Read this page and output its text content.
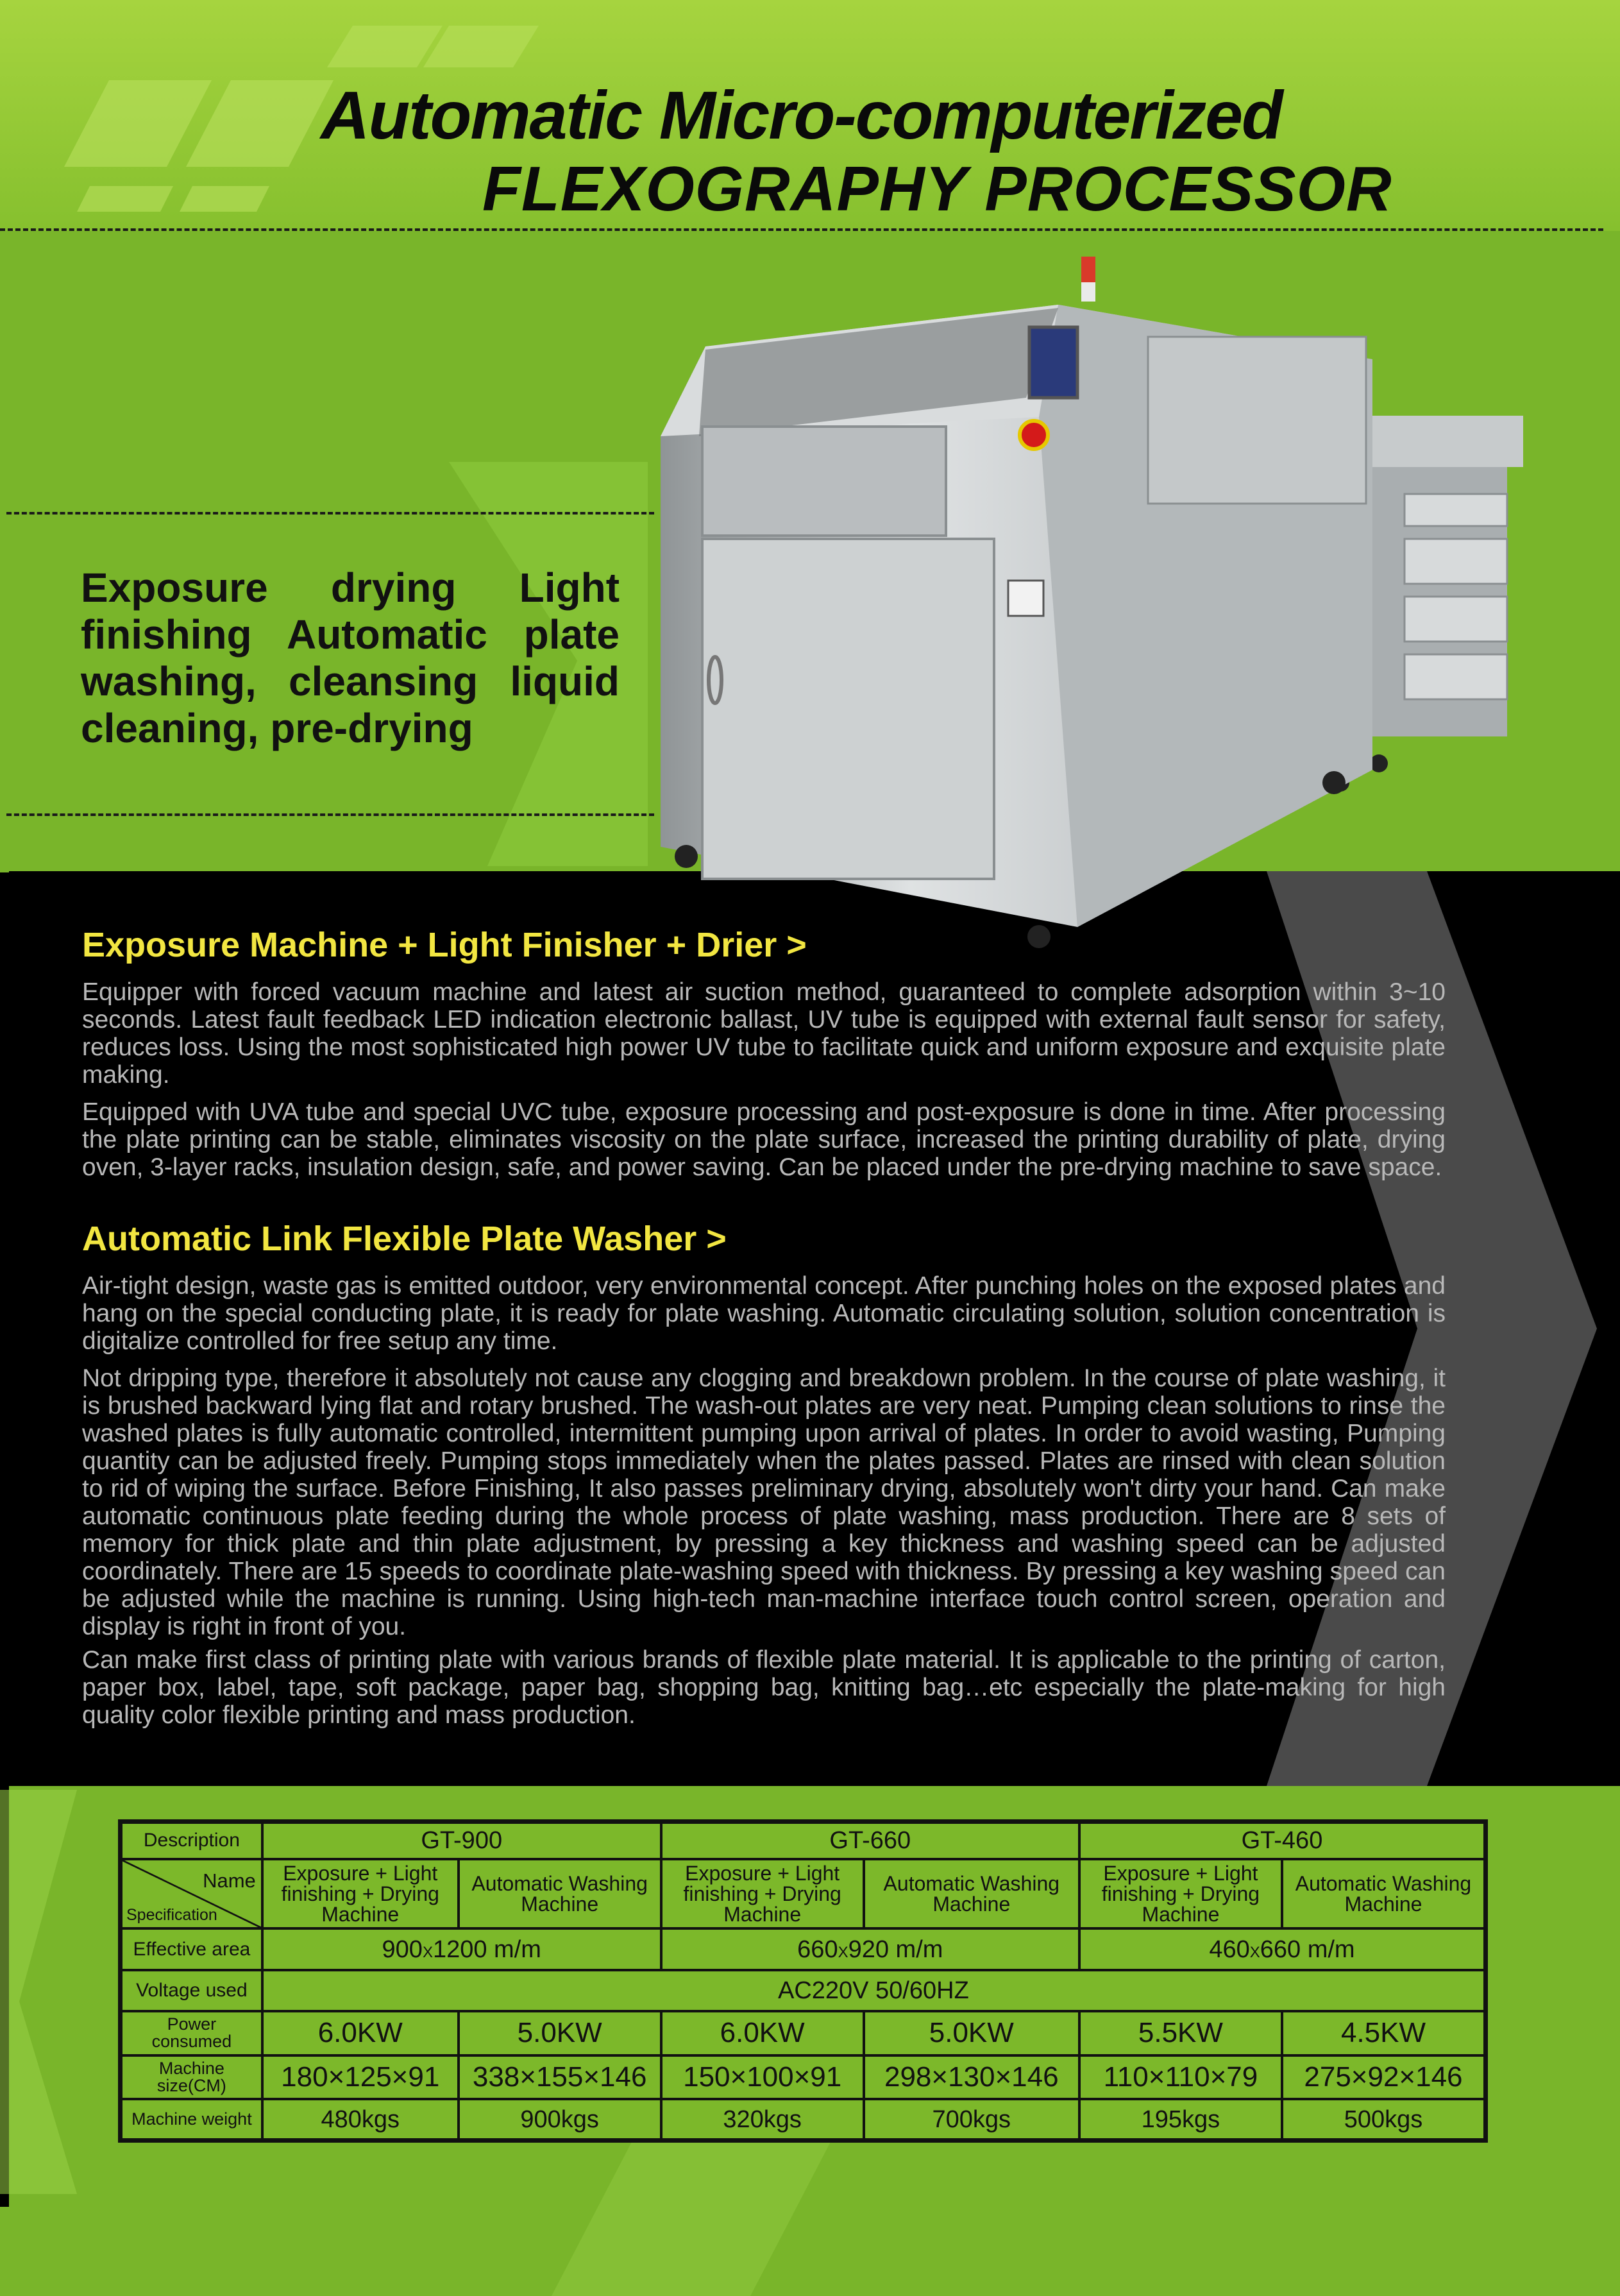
Automatic Micro-computerized
FLEXOGRAPHY PROCESSOR
Exposure drying Light finishing Automatic plate washing, cleansing liquid cleaning, pre-drying
Exposure Machine + Light Finisher + Drier >

Equipper with forced vacuum machine and latest air suction method, guaranteed to complete adsorption within 3~10 seconds. Latest fault feedback LED indication electronic ballast, UV tube is equipped with external fault sensor for safety, reduces loss. Using the most sophisticated high power UV tube to facilitate quick and uniform exposure and exquisite plate making.

Equipped with UVA tube and special UVC tube, exposure processing and post-exposure is done in time. After processing the plate printing can be stable, eliminates viscosity on the plate surface, increased the printing durability of plate, drying oven, 3-layer racks, insulation design, safe, and power saving. Can be placed under the pre-drying machine to save space.

Automatic Link Flexible Plate Washer >

Air-tight design, waste gas is emitted outdoor, very environmental concept. After punching holes on the exposed plates and hang on the special conducting plate, it is ready for plate washing. Automatic circulating solution, solution concentration is digitalize controlled for free setup any time.

Not dripping type, therefore it absolutely not cause any clogging and breakdown problem. In the course of plate washing, it is brushed backward lying flat and rotary brushed. The wash-out plates are very neat. Pumping clean solutions to rinse the washed plates is fully automatic controlled, intermittent pumping upon arrival of plates. In order to avoid wasting, Pumping quantity can be adjusted freely. Pumping stops immediately when the plates passed. Plates are rinsed with clean solution to rid of wiping the surface. Before Finishing, It also passes preliminary drying, absolutely won't dirty your hand. Can make automatic continuous plate feeding during the whole process of plate washing, mass production. There are 8 sets of memory for thick plate and thin plate adjustment, by pressing a key thickness and washing speed can be adjusted coordinately. There are 15 speeds to coordinate plate-washing speed with thickness. By pressing a key washing speed can be adjusted while the machine is running. Using high-tech man-machine interface touch control screen, operation and display is right in front of you.

Can make first class of printing plate with various brands of flexible plate material. It is applicable to the printing of carton, paper box, label, tape, soft package, paper bag, shopping bag, knitting bag…etc especially the plate-making for high quality color flexible printing and mass production.

Description	GT-900		GT-660		GT-460	

Name
Specification	Exposure + Light finishing + Drying Machine	Automatic Washing Machine	Exposure + Light finishing + Drying Machine	Automatic Washing Machine	Exposure + Light finishing + Drying Machine	Automatic Washing Machine
Effective area	900X1200 m/m		660X920 m/m		460X660 m/m	
Voltage used	AC220V 50/60HZ					
Power consumed	6.0KW	5.0KW	6.0KW	5.0KW	5.5KW	4.5KW
Machine size(CM)	180×125×91	338×155×146	150×100×91	298×130×146	110×110×79	275×92×146
Machine weight	480kgs	900kgs	320kgs	700kgs	195kgs	500kgs
